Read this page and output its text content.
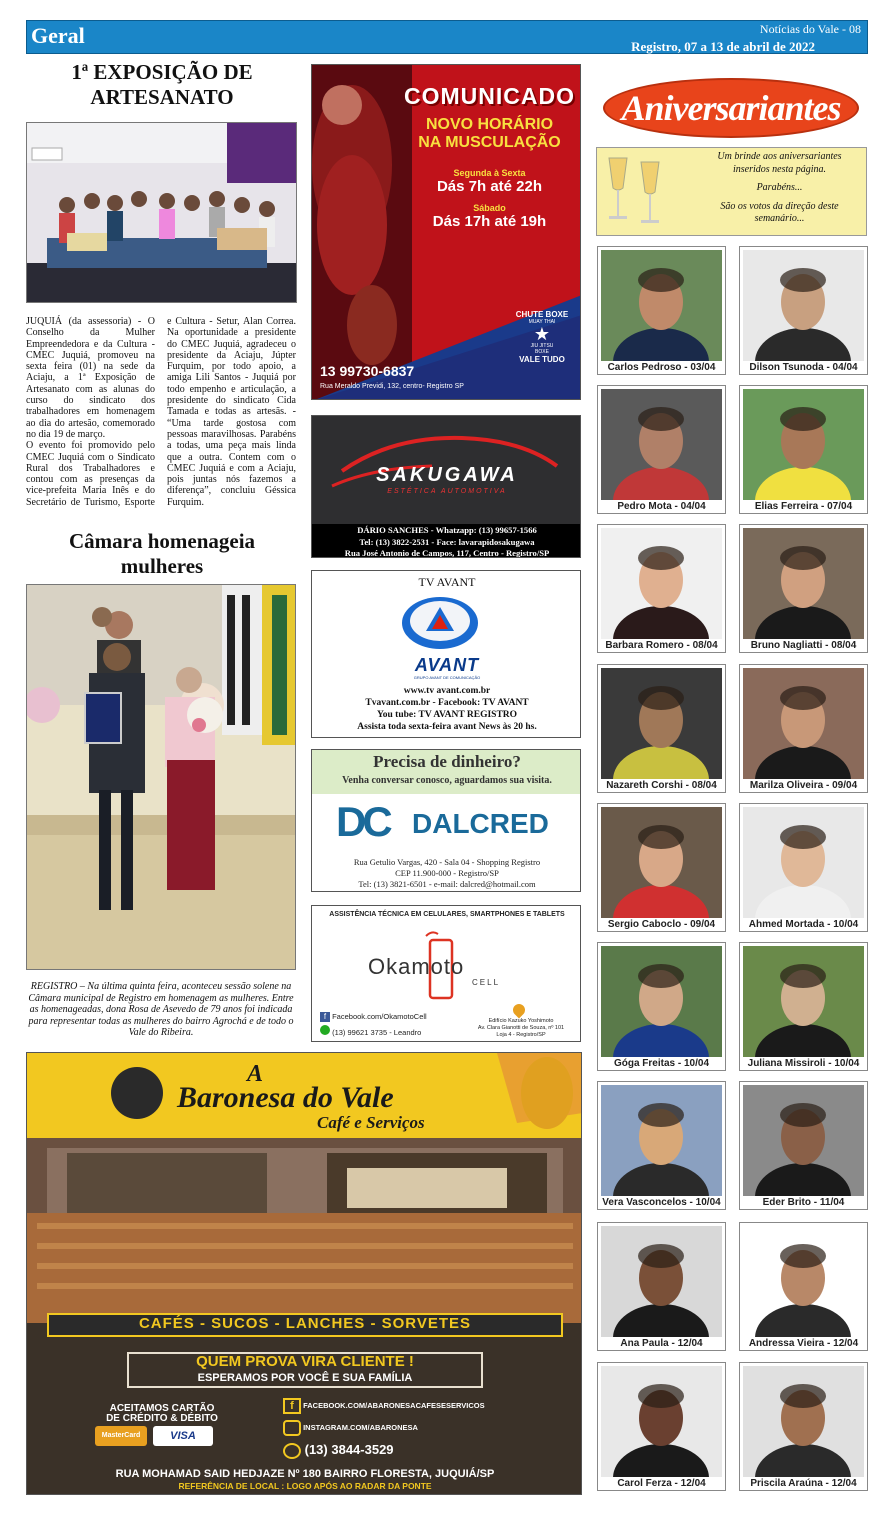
Geral	Notícias do Vale - 08
Registro, 07 a 13 de abril de 2022
1ª EXPOSIÇÃO DE
ARTESANATO

JUQUIÁ (da assessoria) - O Conselho da Mulher Empreendedora e da Cultura - CMEC Juquiá, promoveu na sexta feira (01) na sede da Aciaju, a 1ª Exposição de Artesanato com as alunas do curso do sindicato dos trabalhadores em homenagem ao dia do artesão, comemorado no dia 19 de março.

O evento foi promovido pelo CMEC Juquiá com o Sindicato Rural dos Trabalhadores e contou com as presenças da vice-prefeita Maria Inês e do Secretário de Turismo, Esporte e Cultura - Setur, Alan Correa. Na oportunidade a presidente do CMEC Juquiá, agradeceu o presidente da Aciaju, Júpter Furquim, por todo apoio, a amiga Lili Santos - Juquiá por todo empenho e articulação, a presidente do sindicato Cida Tamada e todas as artesãs. - “Uma tarde gostosa com pessoas maravilhosas. Parabéns a todas, uma peça mais linda que a outra. Contem com o CMEC Juquiá e com a Aciaju, pois juntas nós fazemos a diferença”, concluiu Géssica Furquim.

Câmara homenageia
mulheres
REGISTRO – Na última quinta feira, aconteceu sessão solene na Câmara municipal de Registro em homenagem as mulheres. Entre as homenageadas, dona Rosa de Asevedo de 79 anos foi indicada para representar todas as mulheres do bairro Agrochá e de todo o Vale do Ribeira.
COMUNICADO
NOVO HORÁRIO
NA MUSCULAÇÃO
Segunda à Sexta
Dás 7h até 22h
Sábado
Dás 17h até 19h
CHUTE BOXE
MUAY THAI
★
JIU JITSU
BOXE
VALE TUDO
13 99730-6837
Rua Meraldo Previdi, 132, centro- Registro SP
SAKUGAWA
ESTÉTICA AUTOMOTIVA
DÁRIO SANCHES - Whatzapp: (13) 99657-1566
Tel: (13) 3822-2531 - Face: lavarapidosakugawa
Rua José Antonio de Campos, 117, Centro - Registro/SP
TV AVANT
AVANT
GRUPO AVANT DE COMUNICAÇÃO
www.tv avant.com.br
Tvavant.com.br - Facebook: TV AVANT
You tube: TV AVANT REGISTRO
Assista toda sexta-feira avant News às 20 hs.
Precisa de dinheiro?
Venha conversar conosco, aguardamos sua visita.
DC DALCRED
Rua Getulio Vargas, 420 - Sala 04 - Shopping Registro
CEP 11.900-000 - Registro/SP
Tel: (13) 3821-6501 - e-mail: dalcred@hotmail.com
ASSISTÊNCIA TÉCNICA EM CELULARES, SMARTPHONES E TABLETS
Okamoto
CELL
f Facebook.com/OkamotoCell
(13) 99621 3735 - Leandro
Edifício Kazuko Yoshimoto
Av. Clara Gianotti de Souza, nº 101
Loja 4 - Registro/SP
A
Baronesa do Vale
Café e Serviços
CAFÉS - SUCOS - LANCHES - SORVETES
QUEM PROVA VIRA CLIENTE !
ESPERAMOS POR VOCÊ E SUA FAMÍLIA
ACEITAMOS CARTÃO
DE CRÉDITO & DÉBITO
MasterCard	VISA
f FACEBOOK.COM/ABARONESACAFESESERVICOS
INSTAGRAM.COM/ABARONESA
(13) 3844-3529
RUA MOHAMAD SAID HEDJAZE Nº 180 BAIRRO FLORESTA, JUQUIÁ/SP
REFERÊNCIA DE LOCAL : LOGO APÓS AO RADAR DA PONTE
Aniversariantes
Um brinde aos aniversariantes
inseridos nesta página.
Parabéns...
São os votos da direção deste
semanário...
Carlos Pedroso - 03/04	Dilson Tsunoda - 04/04
Pedro Mota - 04/04	Elias Ferreira - 07/04
Barbara Romero - 08/04	Bruno Nagliatti - 08/04
Nazareth Corshi - 08/04	Marilza Oliveira - 09/04
Sergio Caboclo - 09/04	Ahmed Mortada - 10/04
Góga Freitas - 10/04	Juliana Missiroli - 10/04
Vera Vasconcelos - 10/04	Eder Brito - 11/04
Ana Paula - 12/04	Andressa Vieira - 12/04
Carol Ferza - 12/04	Priscila Araúna - 12/04
